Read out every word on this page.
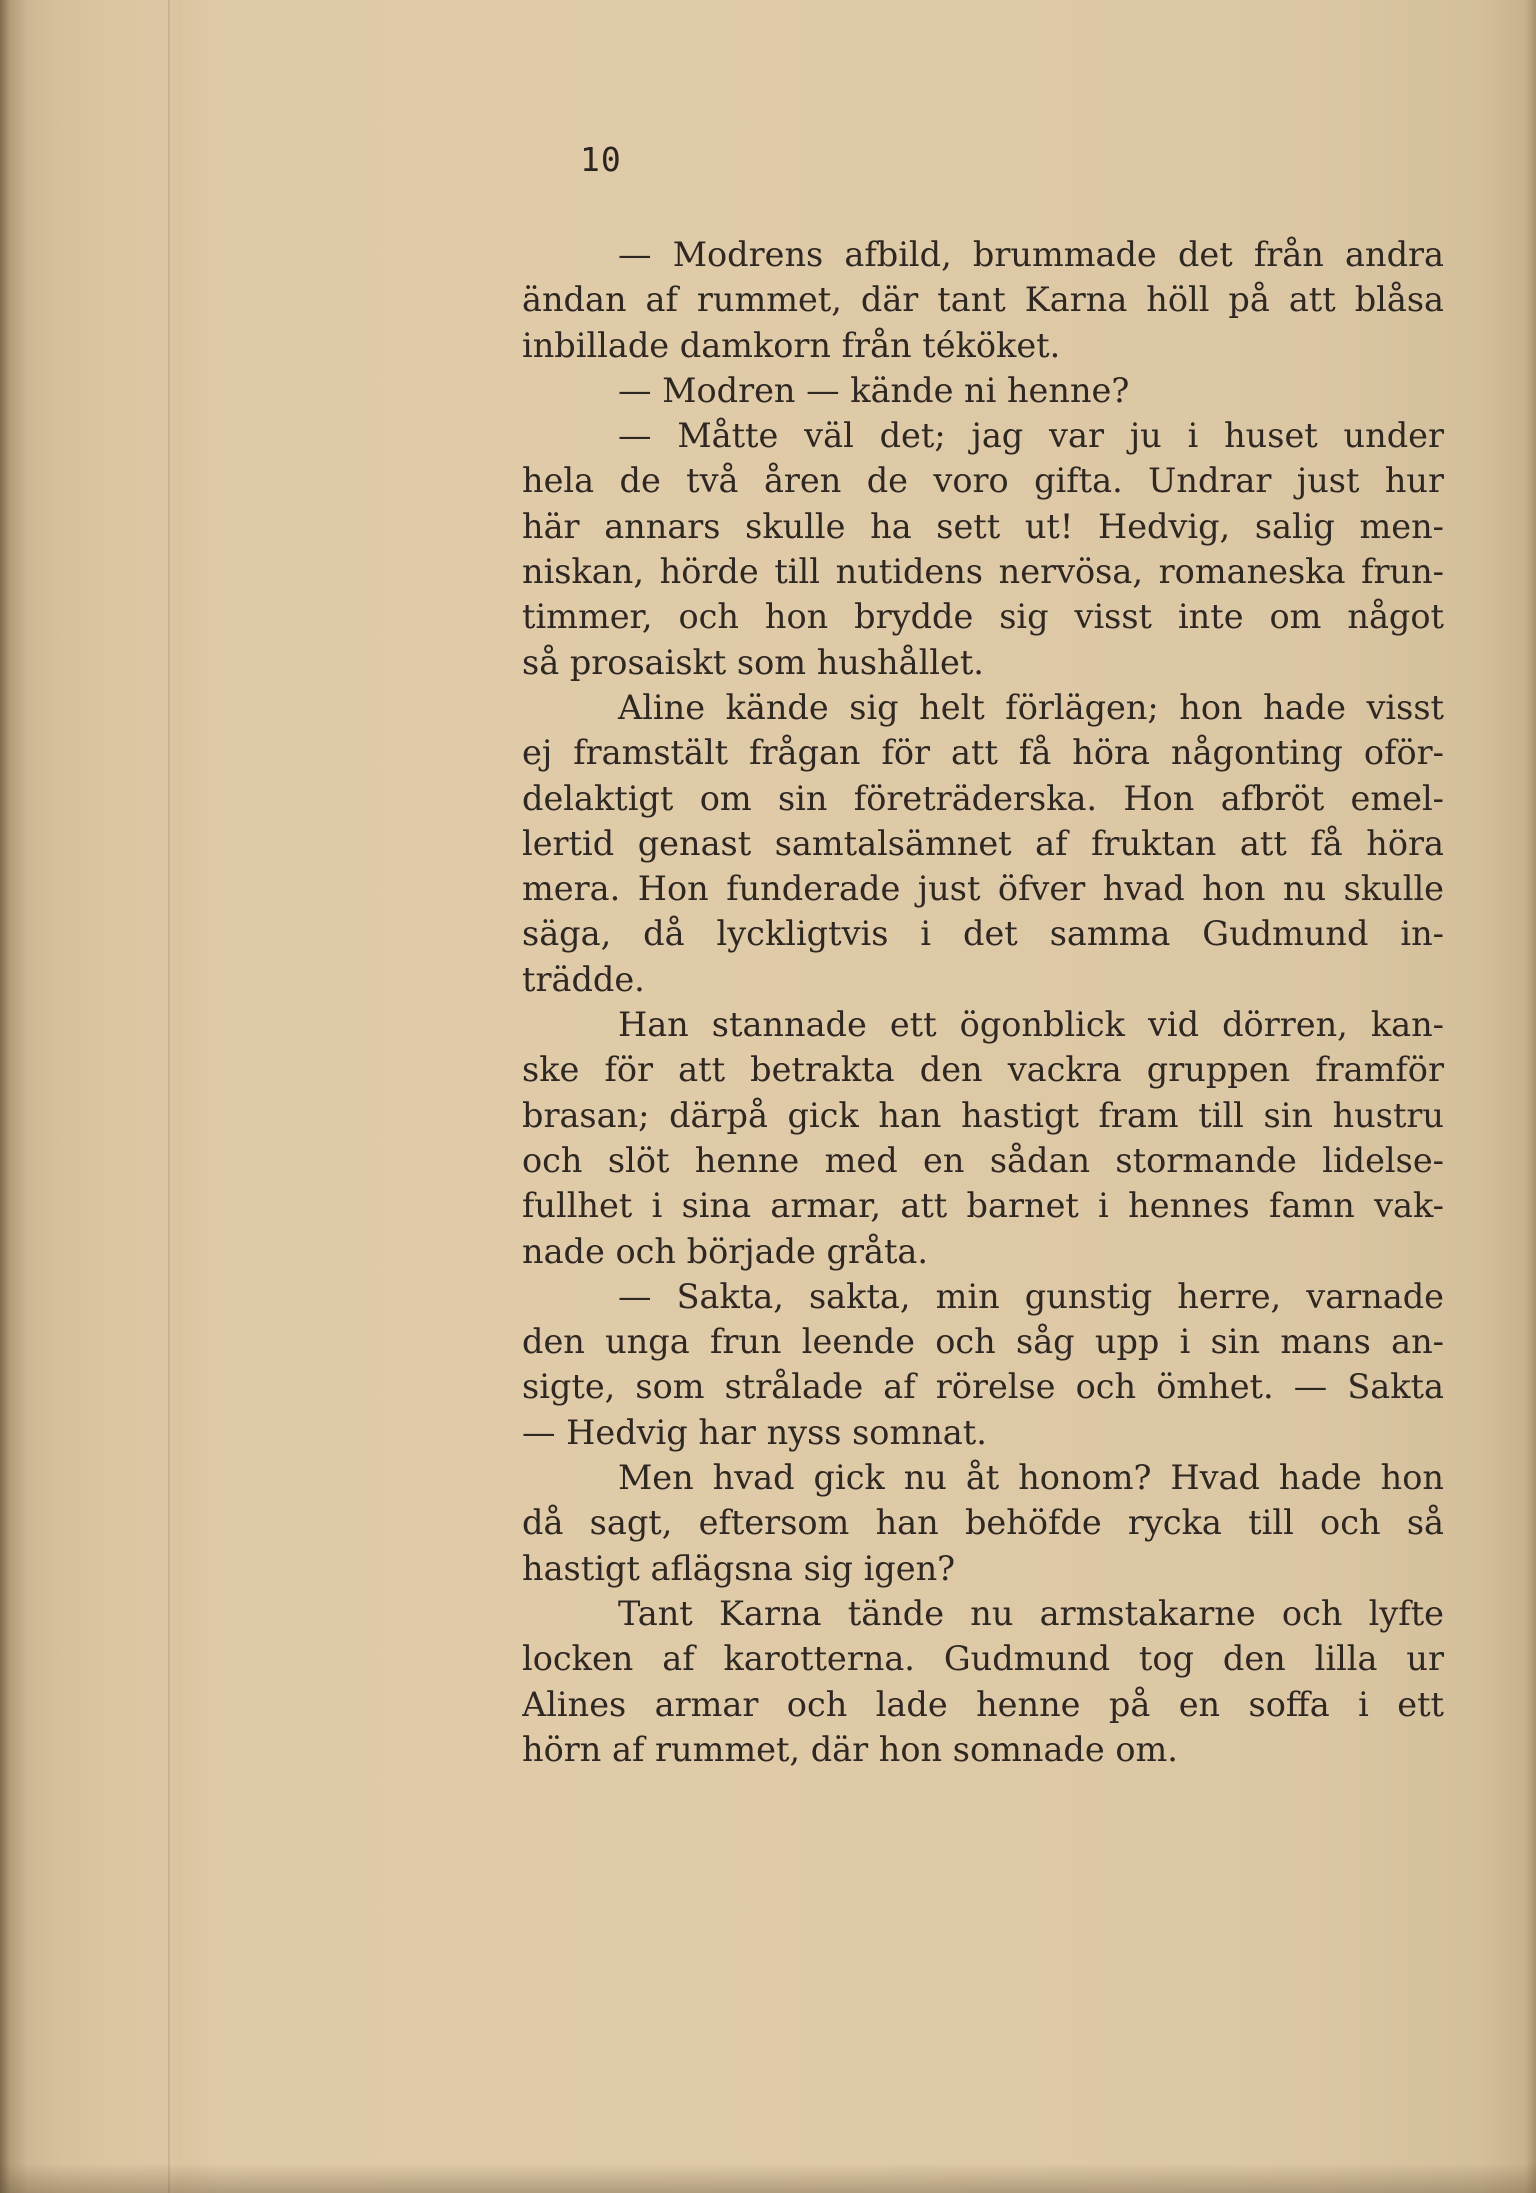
10
— Modrens afbild, brummade det från andra
ändan af rummet, där tant Karna höll på att blåsa
inbillade damkorn från téköket.
— Modren — kände ni henne?
— Måtte väl det; jag var ju i huset under
hela de två åren de voro gifta. Undrar just hur
här annars skulle ha sett ut! Hedvig, salig men-
niskan, hörde till nutidens nervösa, romaneska frun-
timmer, och hon brydde sig visst inte om något
så prosaiskt som hushållet.
Aline kände sig helt förlägen; hon hade visst
ej framstält frågan för att få höra någonting oför-
delaktigt om sin företräderska. Hon afbröt emel-
lertid genast samtalsämnet af fruktan att få höra
mera. Hon funderade just öfver hvad hon nu skulle
säga, då lyckligtvis i det samma Gudmund in-
trädde.
Han stannade ett ögonblick vid dörren, kan-
ske för att betrakta den vackra gruppen framför
brasan; därpå gick han hastigt fram till sin hustru
och slöt henne med en sådan stormande lidelse-
fullhet i sina armar, att barnet i hennes famn vak-
nade och började gråta.
— Sakta, sakta, min gunstig herre, varnade
den unga frun leende och såg upp i sin mans an-
sigte, som strålade af rörelse och ömhet. — Sakta
— Hedvig har nyss somnat.
Men hvad gick nu åt honom? Hvad hade hon
då sagt, eftersom han behöfde rycka till och så
hastigt aflägsna sig igen?
Tant Karna tände nu armstakarne och lyfte
locken af karotterna. Gudmund tog den lilla ur
Alines armar och lade henne på en soffa i ett
hörn af rummet, där hon somnade om.
